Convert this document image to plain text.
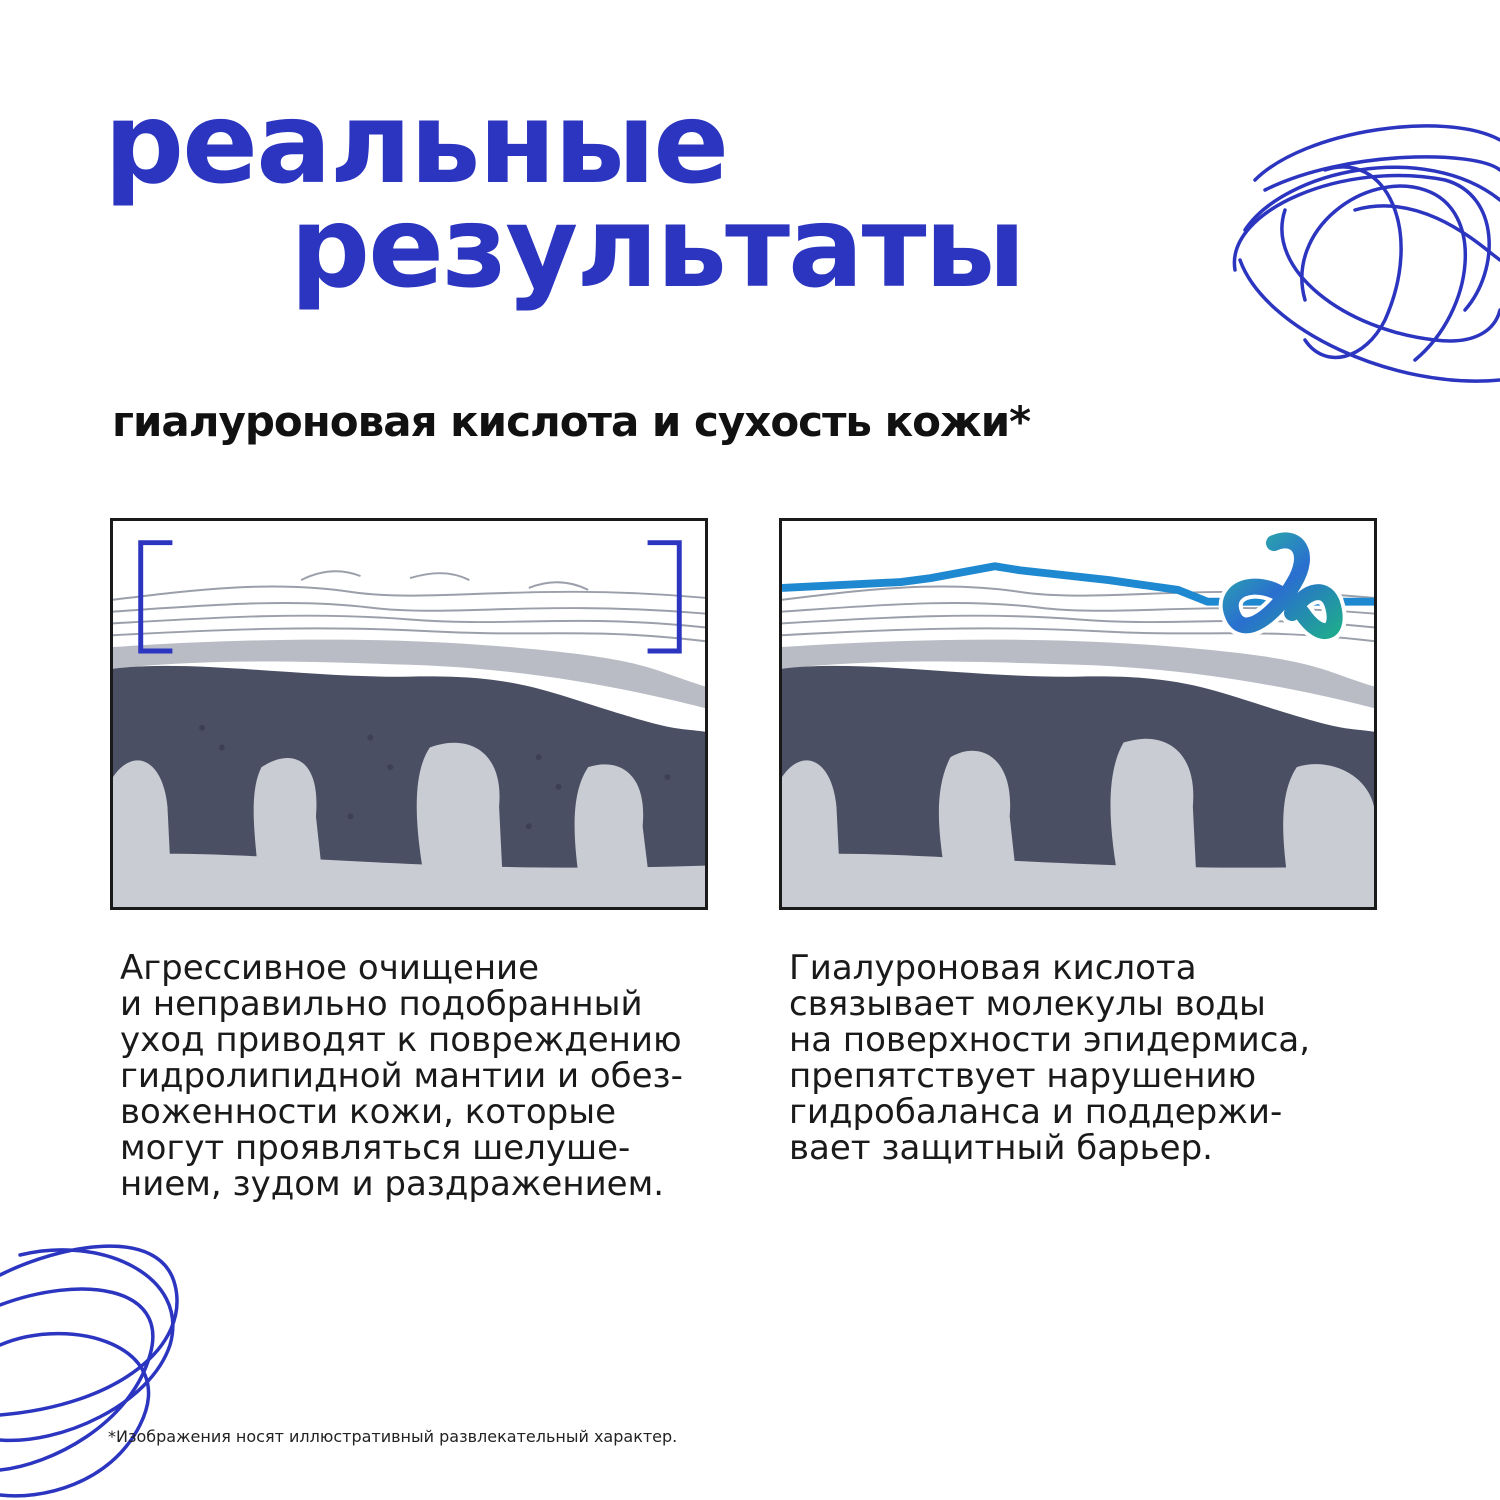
реальные
результаты
гиалуроновая кислота и сухость кожи*

Агрессивное очищение
и неправильно подобранный
уход приводят к повреждению
гидролипидной мантии и обез-
воженности кожи, которые
могут проявляться шелуше-
нием, зудом и раздражением.

Гиалуроновая кислота
связывает молекулы воды
на поверхности эпидермиса,
препятствует нарушению
гидробаланса и поддержи-
вает защитный барьер.

*Изображения носят иллюстративный развлекательный характер.
